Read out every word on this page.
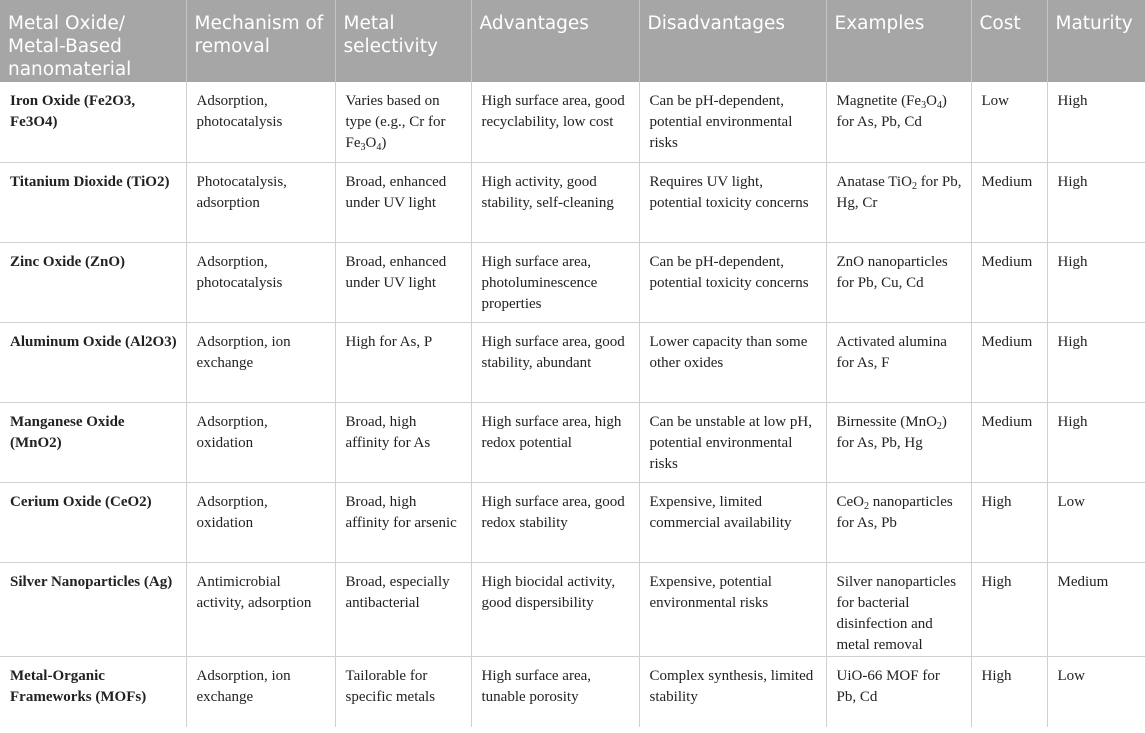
Metal Oxide/ Metal-Based nanomaterial	Mechanism of removal	Metal selectivity	Advantages	Disadvantages	Examples	Cost	Maturity
Iron Oxide (Fe2O3, Fe3O4)	Adsorption, photocatalysis	Varies based on type (e.g., Cr for $Fe_3O_4$)	High surface area, good recyclability, low cost	Can be pH-dependent, potential environmental risks	Magnetite $(Fe_3O_4)$ for As, Pb, Cd	Low	High
Titanium Dioxide (TiO2)	Photocatalysis, adsorption	Broad, enhanced under UV light	High activity, good stability, self-cleaning	Requires UV light, potential toxicity concerns	Anatase TiO$_2$ for Pb, Hg, Cr	Medium	High
Zinc Oxide (ZnO)	Adsorption, photocatalysis	Broad, enhanced under UV light	High surface area, photoluminescence properties	Can be pH-dependent, potential toxicity concerns	ZnO nanoparticles for Pb, Cu, Cd	Medium	High
Aluminum Oxide (Al2O3)	Adsorption, ion exchange	High for As, P	High surface area, good stability, abundant	Lower capacity than some other oxides	Activated alumina for As, F	Medium	High
Manganese Oxide (MnO2)	Adsorption, oxidation	Broad, high affinity for As	High surface area, high redox potential	Can be unstable at low pH, potential environmental risks	Birnessite (MnO$_2$) for As, Pb, Hg	Medium	High
Cerium Oxide (CeO2)	Adsorption, oxidation	Broad, high affinity for arsenic	High surface area, good redox stability	Expensive, limited commercial availability	CeO$_2$ nanoparticles for As, Pb	High	Low
Silver Nanoparticles (Ag)	Antimicrobial activity, adsorption	Broad, especially antibacterial	High biocidal activity, good dispersibility	Expensive, potential environmental risks	Silver nanoparticles for bacterial disinfection and metal removal	High	Medium
Metal-Organic Frameworks (MOFs)	Adsorption, ion exchange	Tailorable for specific metals	High surface area, tunable porosity	Complex synthesis, limited stability	UiO-66 MOF for Pb, Cd	High	Low
